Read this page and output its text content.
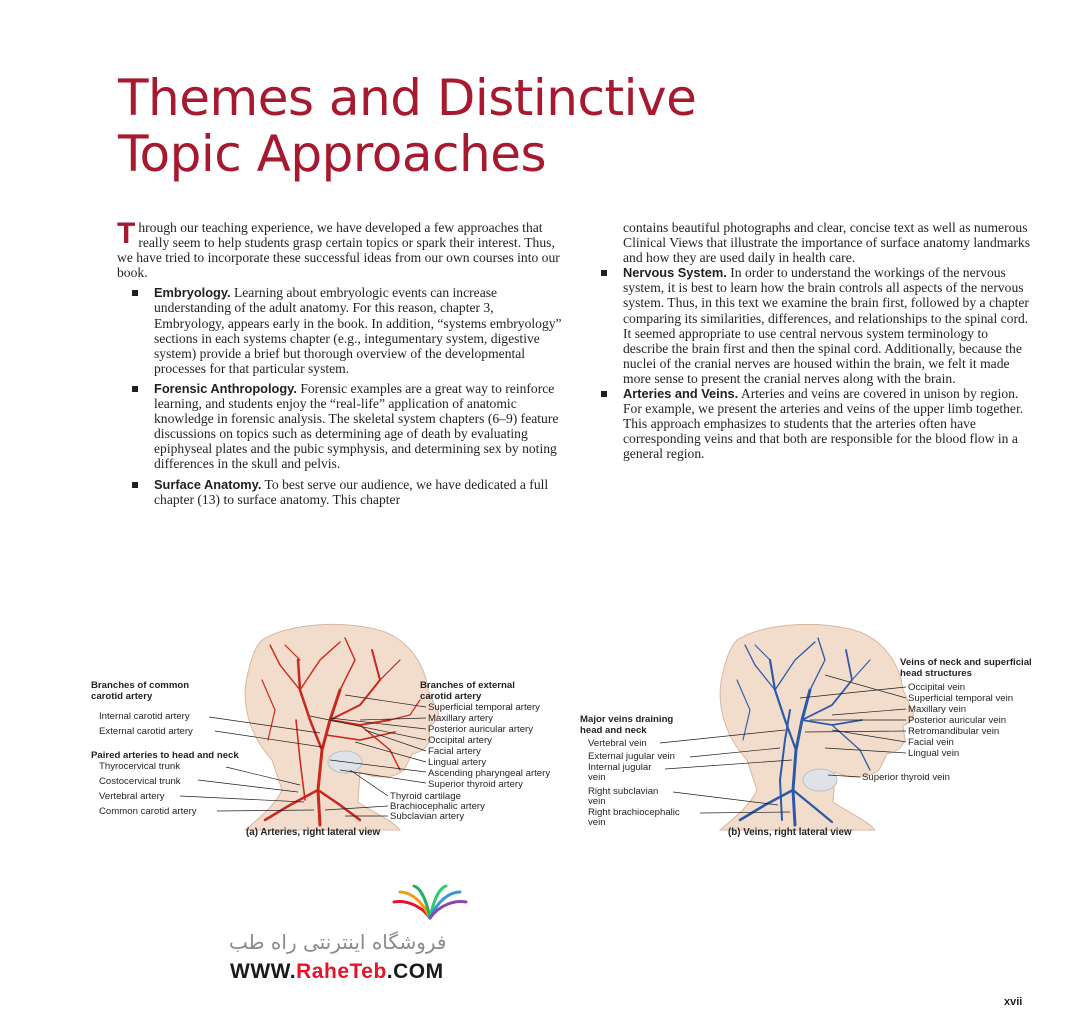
Themes and Distinctive
Topic Approaches

Through our teaching experience, we have developed a few approaches that really seem to help students grasp certain topics or spark their interest. Thus, we have tried to incorporate these successful ideas from our own courses into our book.

Embryology. Learning about embryologic events can increase understanding of the adult anatomy. For this reason, chapter 3, Embryology, appears early in the book. In addition, “systems embryology” sections in each systems chapter (e.g., integumentary system, digestive system) provide a brief but thorough overview of the developmental processes for that particular system.
Forensic Anthropology. Forensic examples are a great way to reinforce learning, and students enjoy the “real-life” application of anatomic knowledge in forensic analysis. The skeletal system chapters (6–9) feature discussions on topics such as determining age of death by evaluating epiphyseal plates and the pubic symphysis, and determining sex by noting differences in the skull and pelvis.
Surface Anatomy. To best serve our audience, we have dedicated a full chapter (13) to surface anatomy. This chapter

contains beautiful photographs and clear, concise text as well as numerous Clinical Views that illustrate the importance of surface anatomy landmarks and how they are used daily in health care.

Nervous System. In order to understand the workings of the nervous system, it is best to learn how the brain controls all aspects of the nervous system. Thus, in this text we examine the brain first, followed by a chapter comparing its similarities, differences, and relationships to the spinal cord. It seemed appropriate to use central nervous system terminology to describe the brain first and then the spinal cord. Additionally, because the nuclei of the cranial nerves are housed within the brain, we felt it made more sense to present the cranial nerves along with the brain.
Arteries and Veins. Arteries and veins are covered in unison by region. For example, we present the arteries and veins of the upper limb together. This approach emphasizes to students that the arteries often have corresponding veins and that both are responsible for the blood flow in a general region.
Branches of common
carotid artery
Branches of external
carotid artery
Paired arteries to head and neck
Internal carotid artery
External carotid artery
Thyrocervical trunk
Costocervical trunk
Vertebral artery
Common carotid artery
Superficial temporal artery
Maxillary artery
Posterior auricular artery
Occipital artery
Facial artery
Lingual artery
Ascending pharyngeal artery
Superior thyroid artery
Thyroid cartilage
Brachiocephalic artery
Subclavian artery
(a) Arteries, right lateral view
Major veins draining
head and neck
Veins of neck and superficial
head structures
Vertebral vein
External jugular vein
Internal jugular
vein
Right subclavian
vein
Right brachiocephalic
vein
Occipital vein
Superficial temporal vein
Maxillary vein
Posterior auricular vein
Retromandibular vein
Facial vein
Lingual vein
Superior thyroid vein
(b) Veins, right lateral view
فروشگاه اینترنتی راه طب
WWW.RaheTeb.COM
xvii
